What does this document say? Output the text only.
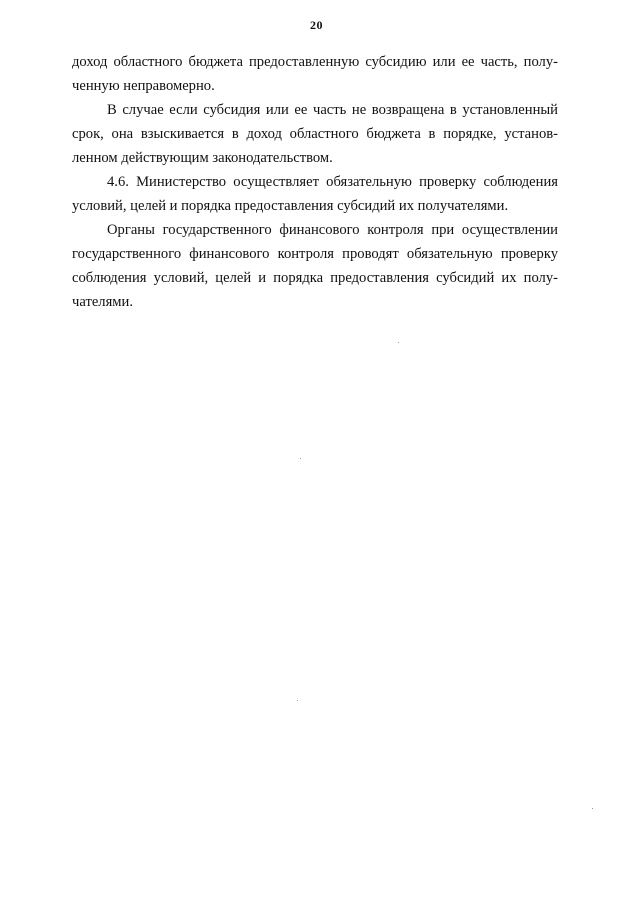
20
доход областного бюджета предоставленную субсидию или ее часть, полу-
ченную неправомерно.
В случае если субсидия или ее часть не возвращена в установленный
срок, она взыскивается в доход областного бюджета в порядке, установ-
ленном действующим законодательством.
4.6. Министерство осуществляет обязательную проверку соблюдения
условий, целей и порядка предоставления субсидий их получателями.
Органы государственного финансового контроля при осуществлении
государственного финансового контроля проводят обязательную проверку
соблюдения условий, целей и порядка предоставления субсидий их полу-
чателями.
